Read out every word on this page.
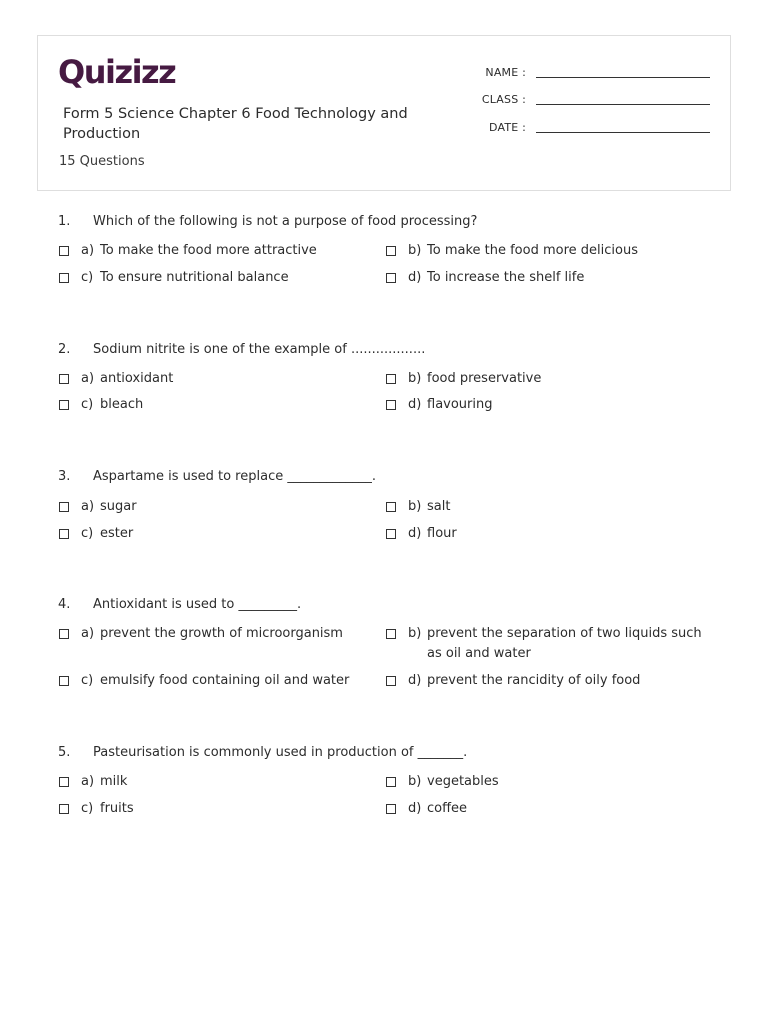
Quizizz
Form 5 Science Chapter 6 Food Technology and Production
15 Questions
NAME :
CLASS :
DATE :
1. Which of the following is not a purpose of food processing?
a) To make the food more attractive	b) To make the food more delicious
c) To ensure nutritional balance	d) To increase the shelf life
2. Sodium nitrite is one of the example of ..................
a) antioxidant	b) food preservative
c) bleach	d) flavouring
3. Aspartame is used to replace _____________.
a) sugar	b) salt
c) ester	d) flour
4. Antioxidant is used to _________.
a) prevent the growth of microorganism	b) prevent the separation of two liquids such as oil and water
c) emulsify food containing oil and water	d) prevent the rancidity of oily food
5. Pasteurisation is commonly used in production of _______.
a) milk	b) vegetables
c) fruits	d) coffee
